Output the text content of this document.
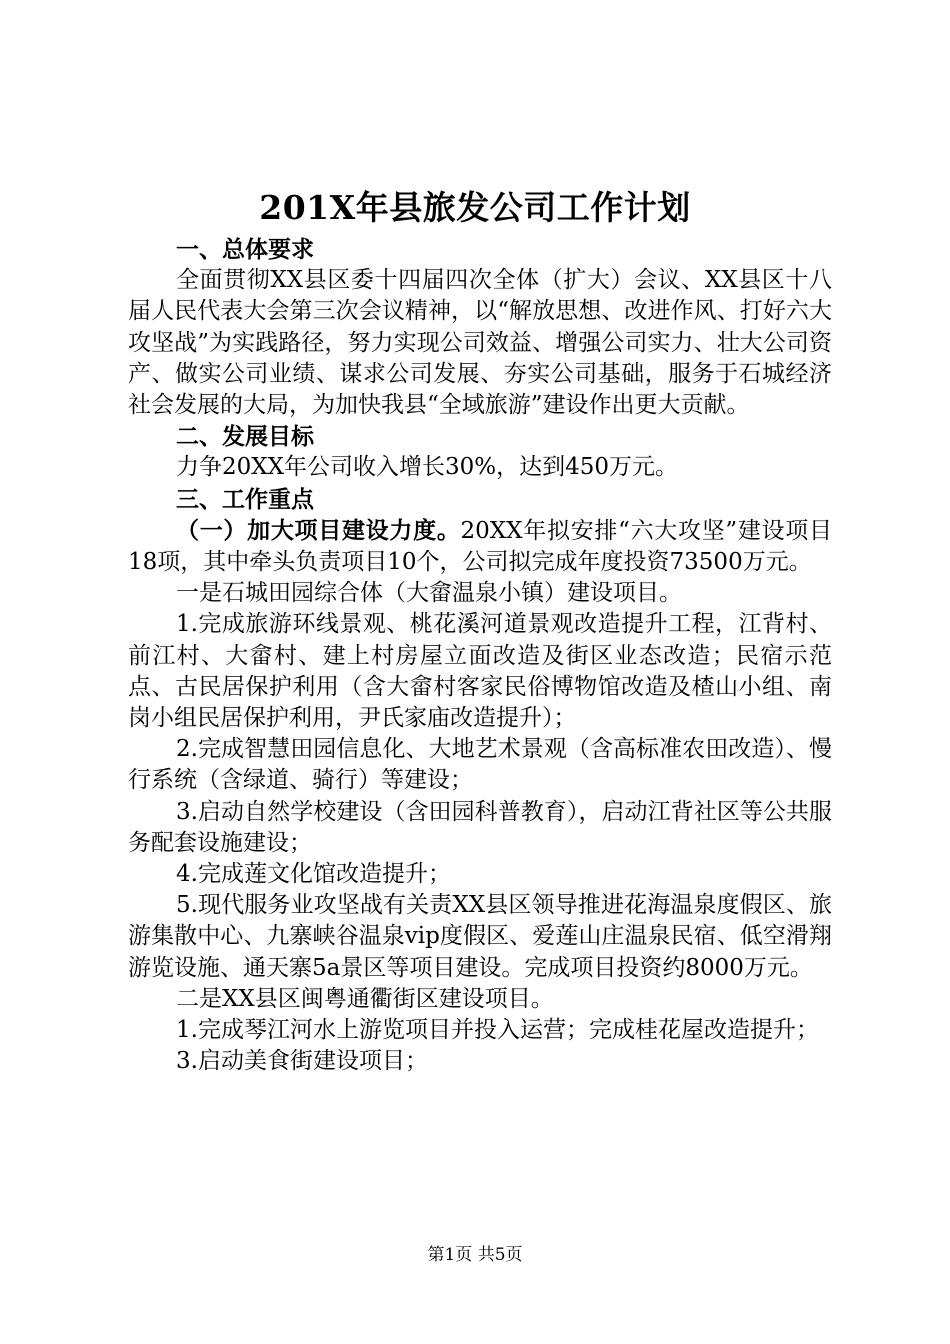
201X年县旅发公司工作计划

一、总体要求

全面贯彻XX县区委十四届四次全体（扩大）会议、XX县区十八届人民代表大会第三次会议精神，以“解放思想、改进作风、打好六大攻坚战”为实践路径，努力实现公司效益、增强公司实力、壮大公司资产、做实公司业绩、谋求公司发展、夯实公司基础，服务于石城经济社会发展的大局，为加快我县“全域旅游”建设作出更大贡献。

二、发展目标

力争20XX年公司收入增长30%，达到450万元。

三、工作重点

（一）加大项目建设力度。20XX年拟安排“六大攻坚”建设项目18项，其中牵头负责项目10个，公司拟完成年度投资73500万元。

一是石城田园综合体（大畲温泉小镇）建设项目。

1.完成旅游环线景观、桃花溪河道景观改造提升工程，江背村、前江村、大畲村、建上村房屋立面改造及街区业态改造；民宿示范点、古民居保护利用（含大畲村客家民俗博物馆改造及楂山小组、南岗小组民居保护利用，尹氏家庙改造提升）；

2.完成智慧田园信息化、大地艺术景观（含高标准农田改造）、慢行系统（含绿道、骑行）等建设；

3.启动自然学校建设（含田园科普教育），启动江背社区等公共服务配套设施建设；

4.完成莲文化馆改造提升；

5.现代服务业攻坚战有关责XX县区领导推进花海温泉度假区、旅游集散中心、九寨峡谷温泉vip度假区、爱莲山庄温泉民宿、低空滑翔游览设施、通天寨5a景区等项目建设。完成项目投资约8000万元。

二是XX县区闽粤通衢街区建设项目。

1.完成琴江河水上游览项目并投入运营；完成桂花屋改造提升；

3.启动美食街建设项目；

第1页 共5页
